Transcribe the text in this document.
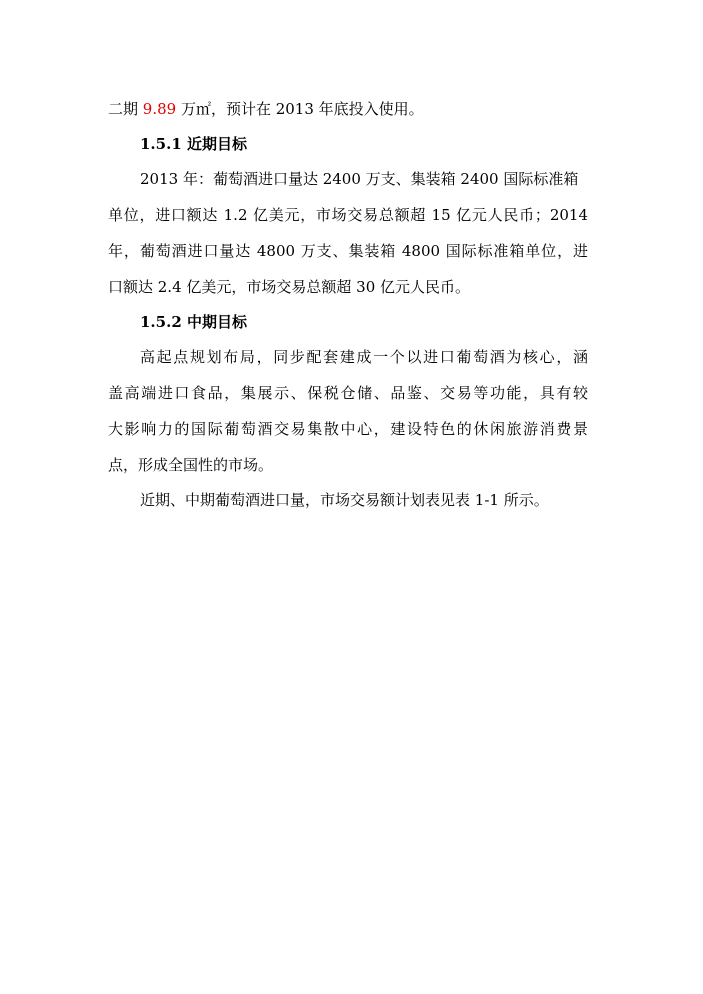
二期 9.89 万㎡，预计在 2013 年底投入使用。
1.5.1 近期目标
2013 年：葡萄酒进口量达 2400 万支、集装箱 2400 国际标准箱
单位，进口额达 1.2 亿美元，市场交易总额超 15 亿元人民币；2014
年，葡萄酒进口量达 4800 万支、集装箱 4800 国际标准箱单位，进
口额达 2.4 亿美元，市场交易总额超 30 亿元人民币。
1.5.2 中期目标
高起点规划布局，同步配套建成一个以进口葡萄酒为核心，涵
盖高端进口食品，集展示、保税仓储、品鉴、交易等功能，具有较
大影响力的国际葡萄酒交易集散中心，建设特色的休闲旅游消费景
点，形成全国性的市场。
近期、中期葡萄酒进口量，市场交易额计划表见表 1-1 所示。
